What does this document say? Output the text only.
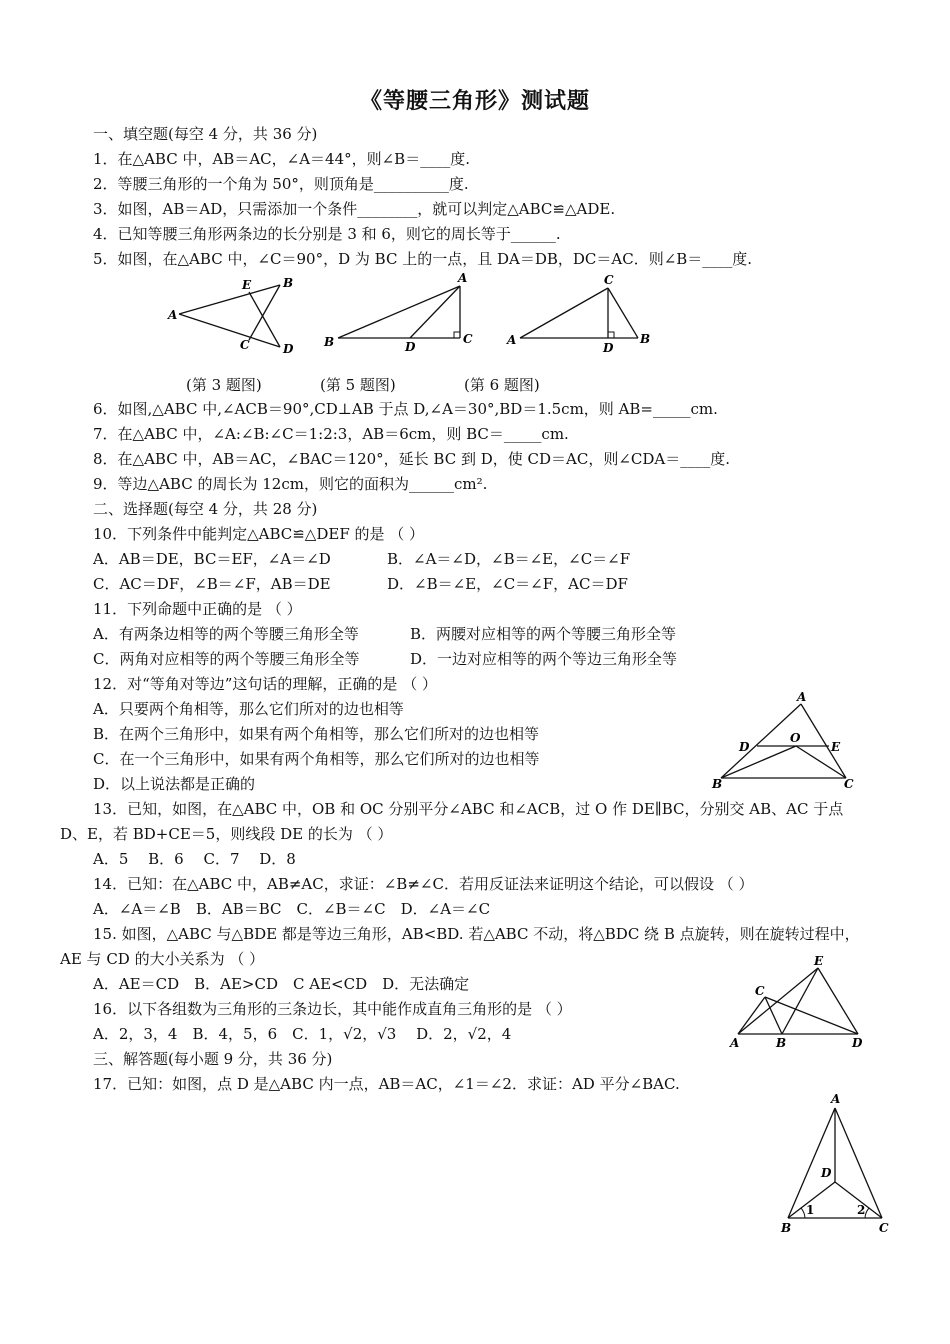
《等腰三角形》测试题
一、填空题(每空 4 分，共 36 分)
1．在△ABC 中，AB＝AC，∠A＝44°，则∠B＝____度.
2．等腰三角形的一个角为 50°，则顶角是__________度.
3．如图，AB＝AD，只需添加一个条件________，就可以判定△ABC≌△ADE.
4．已知等腰三角形两条边的长分别是 3 和 6，则它的周长等于______.
5．如图，在△ABC 中，∠C＝90°，D 为 BC 上的一点，且 DA＝DB，DC＝AC．则∠B＝____度.
A
E	B
C	D	B	D
C
A
A
D
B
C
(第 3 题图)	(第 5 题图)	(第 6 题图)
6．如图,△ABC 中,∠ACB＝90°,CD⊥AB 于点 D,∠A＝30°,BD＝1.5cm，则 AB=_____cm.
7．在△ABC 中，∠A:∠B:∠C＝1:2:3，AB＝6cm，则 BC＝_____cm.
8．在△ABC 中，AB＝AC，∠BAC＝120°，延长 BC 到 D，使 CD＝AC，则∠CDA＝____度.
9．等边△ABC 的周长为 12cm，则它的面积为______cm².
二、选择题(每空 4 分，共 28 分)
10．下列条件中能判定△ABC≌△DEF 的是 （ ）
A．AB＝DE，BC＝EF，∠A＝∠D	B．∠A＝∠D，∠B＝∠E，∠C＝∠F
C．AC＝DF，∠B＝∠F，AB＝DE	D．∠B＝∠E，∠C＝∠F，AC＝DF
11．下列命题中正确的是 （ ）
A．有两条边相等的两个等腰三角形全等	B．两腰对应相等的两个等腰三角形全等
C．两角对应相等的两个等腰三角形全等	D．一边对应相等的两个等边三角形全等
12．对“等角对等边”这句话的理解，正确的是 （ ）
A．只要两个角相等，那么它们所对的边也相等
B．在两个三角形中，如果有两个角相等，那么它们所对的边也相等
C．在一个三角形中，如果有两个角相等，那么它们所对的边也相等
D．以上说法都是正确的
A
D
O
E
B	C
13．已知，如图，在△ABC 中，OB 和 OC 分别平分∠ABC 和∠ACB，过 O 作 DE∥BC，分别交 AB、AC 于点
D、E，若 BD+CE＝5，则线段 DE 的长为 （ ）
A．5　 B．6　 C．7　 D．8
14．已知：在△ABC 中，AB≠AC，求证：∠B≠∠C．若用反证法来证明这个结论，可以假设 （ ）
A．∠A＝∠B　B．AB＝BC　C．∠B＝∠C　D．∠A＝∠C
15. 如图，△ABC 与△BDE 都是等边三角形，AB<BD. 若△ABC 不动，将△BDC 绕 B 点旋转，则在旋转过程中，
AE 与 CD 的大小关系为 （ ）
A．AE＝CD　B．AE>CD　C AE<CD　D．无法确定
E
C
A	B	D
16．以下各组数为三角形的三条边长，其中能作成直角三角形的是 （ ）
A．2，3，4　B．4，5，6　C．1，√2，√3　 D．2，√2，4
三、解答题(每小题 9 分，共 36 分)
17．已知：如图，点 D 是△ABC 内一点，AB＝AC，∠1＝∠2．求证：AD 平分∠BAC.
A
D
1	2
B	C
